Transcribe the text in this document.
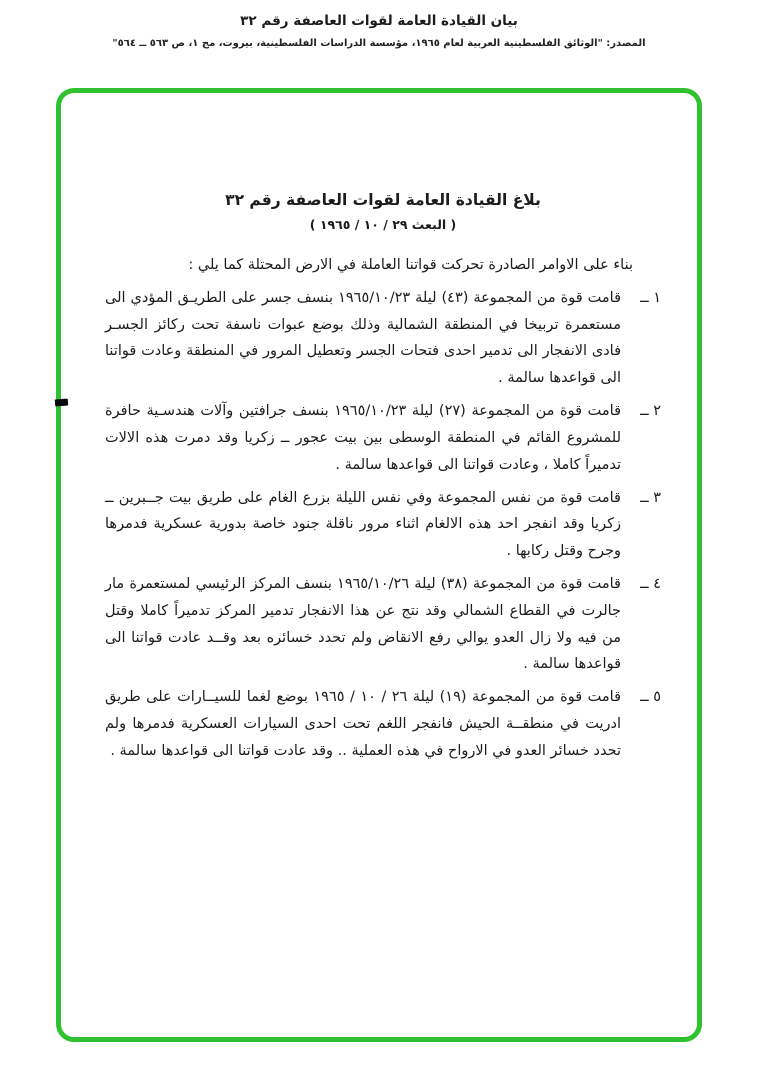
بيان القيادة العامة لقوات العاصفة رقم ٣٢
المصدر: "الوثائق الفلسطينية العربية لعام ١٩٦٥، مؤسسة الدراسات الفلسطينية، بيروت، مج ١، ص ٥٦٣ ــ ٥٦٤"
بلاغ القيادة العامة لقوات العاصفة رقم ٣٢
( البعث ٢٩ / ١٠ / ١٩٦٥ )

بناء على الاوامر الصادرة تحركت قواتنا العاملة في الارض المحتلة كما يلي :

١ ــ
قامت قوة من المجموعة (٤٣) ليلة ١٩٦٥/١٠/٢٣ بنسف جسر على الطريـق المؤدي الى مستعمرة تربيخا في المنطقة الشمالية وذلك بوضع عبوات ناسفة تحت ركائز الجسـر فادى الانفجار الى تدمير احدى فتحات الجسر وتعطيل المرور في المنطقة وعادت قواتنا الى قواعدها سالمة .
٢ ــ
قامت قوة من المجموعة (٢٧) ليلة ١٩٦٥/١٠/٢٣ بنسف جرافتين وآلات هندسـية حافرة للمشروع القائم في المنطقة الوسطى بين بيت عجور ــ زكريا وقد دمرت هذه الالات تدميراً كاملا ، وعادت قواتنا الى قواعدها سالمة .
٣ ــ
قامت قوة من نفس المجموعة وفي نفس الليلة بزرع الغام على طريق بيت جــبرين ــ زكريا وقد انفجر احد هذه الالغام اثناء مرور ناقلة جنود خاصة بدورية عسكرية فدمرها وجرح وقتل ركابها .
٤ ــ
قامت قوة من المجموعة (٣٨) ليلة ١٩٦٥/١٠/٢٦ بنسف المركز الرئيسي لمستعمرة مار جالرت في القطاع الشمالي وقد نتج عن هذا الانفجار تدمير المركز تدميراً كاملا وقتل من فيه ولا زال العدو يوالي رفع الانقاض ولم تحدد خسائره بعد وقــد عادت قواتنا الى قواعدها سالمة .
٥ ــ
قامت قوة من المجموعة (١٩) ليلة ٢٦ / ١٠ / ١٩٦٥ بوضع لغما للسيــارات على طريق ادريت في منطقــة الحيش فانفجر اللغم تحت احدى السيارات العسكرية فدمرها ولم تحدد خسائر العدو في الارواح في هذه العملية .. وقد عادت قواتنا الى قواعدها سالمة .
